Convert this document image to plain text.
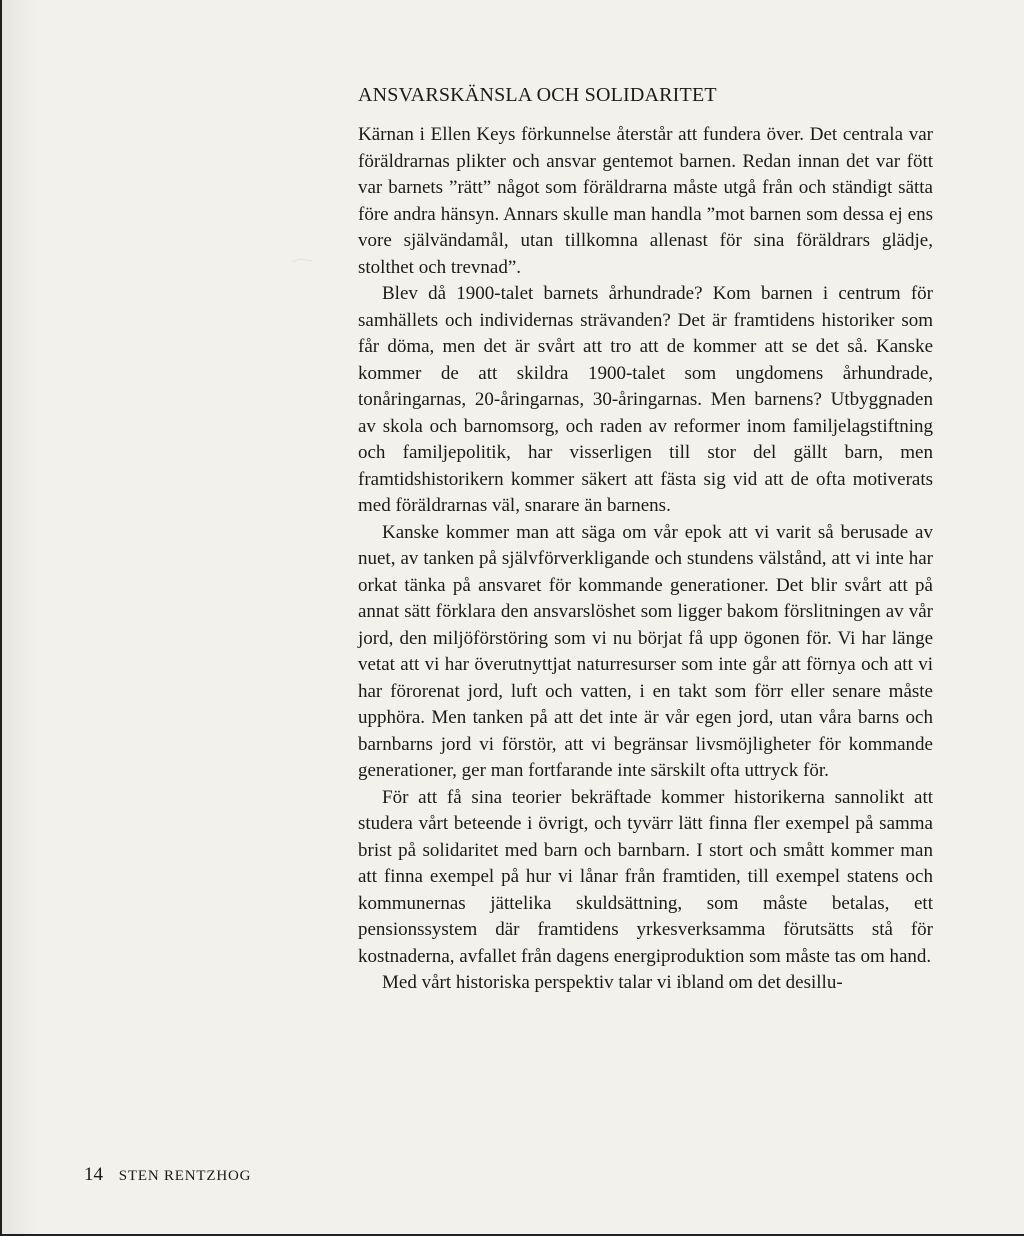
ANSVARSKÄNSLA OCH SOLIDARITET

Kärnan i Ellen Keys förkunnelse återstår att fundera över. Det centrala var föräldrarnas plikter och ansvar gentemot barnen. Redan innan det var fött var barnets ”rätt” något som föräldrarna måste utgå från och ständigt sätta före andra hänsyn. Annars skulle man handla ”mot barnen som dessa ej ens vore självändamål, utan tillkomna allenast för sina föräldrars glädje, stolthet och trevnad”.

Blev då 1900-talet barnets århundrade? Kom barnen i centrum för samhällets och individernas strävanden? Det är framtidens historiker som får döma, men det är svårt att tro att de kommer att se det så. Kanske kommer de att skildra 1900-talet som ungdomens århundrade, tonåringarnas, 20-åringarnas, 30-åringarnas. Men barnens? Utbyggnaden av skola och barnomsorg, och raden av reformer inom familjelagstiftning och familjepolitik, har visserligen till stor del gällt barn, men framtidshistorikern kommer säkert att fästa sig vid att de ofta motiverats med föräldrarnas väl, snarare än barnens.

Kanske kommer man att säga om vår epok att vi varit så berusade av nuet, av tanken på självförverkligande och stundens välstånd, att vi inte har orkat tänka på ansvaret för kommande generationer. Det blir svårt att på annat sätt förklara den ansvarslöshet som ligger bakom förslitningen av vår jord, den miljöförstöring som vi nu börjat få upp ögonen för. Vi har länge vetat att vi har överutnyttjat naturresurser som inte går att förnya och att vi har förorenat jord, luft och vatten, i en takt som förr eller senare måste upphöra. Men tanken på att det inte är vår egen jord, utan våra barns och barnbarns jord vi förstör, att vi begränsar livsmöjligheter för kommande generationer, ger man fortfarande inte särskilt ofta uttryck för.

För att få sina teorier bekräftade kommer historikerna sannolikt att studera vårt beteende i övrigt, och tyvärr lätt finna fler exempel på samma brist på solidaritet med barn och barnbarn. I stort och smått kommer man att finna exempel på hur vi lånar från framtiden, till exempel statens och kommunernas jättelika skuldsättning, som måste betalas, ett pensionssystem där framtidens yrkesverksamma förutsätts stå för kostnaderna, avfallet från dagens energiproduktion som måste tas om hand.

Med vårt historiska perspektiv talar vi ibland om det desillu-

14 STEN RENTZHOG
